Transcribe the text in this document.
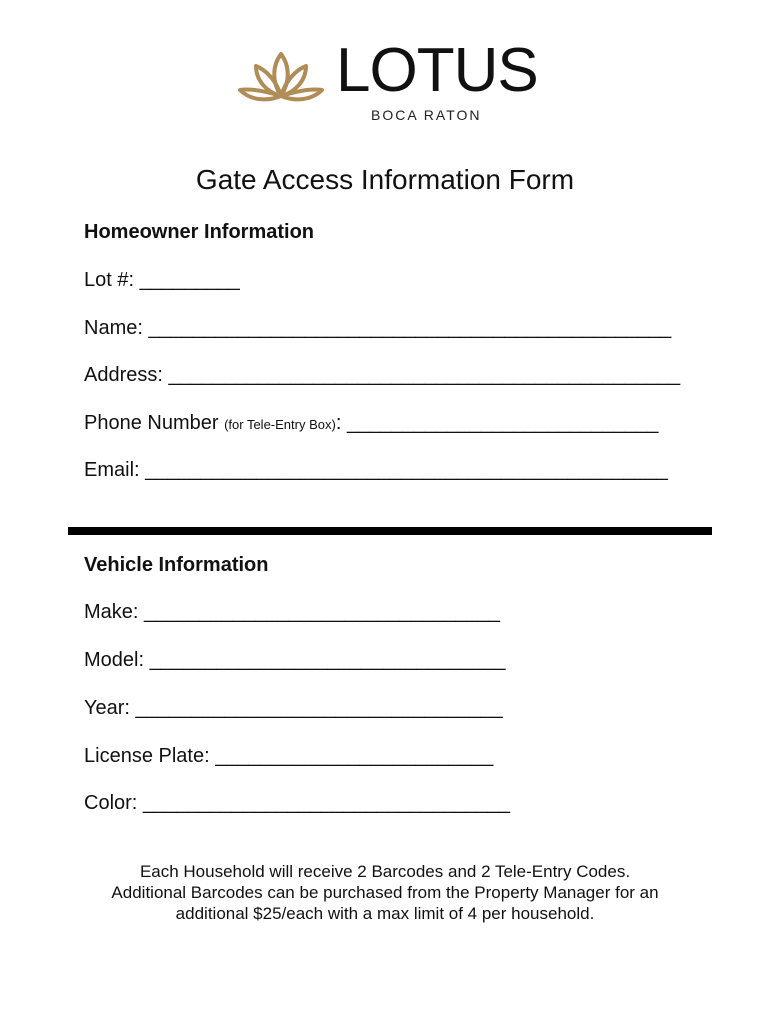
LOTUS
BOCA RATON
Gate Access Information Form
Homeowner Information
Lot #: _________
Name: _______________________________________________
Address: ______________________________________________
Phone Number (for Tele-Entry Box): ____________________________
Email: _______________________________________________
Vehicle Information
Make: ________________________________
Model: ________________________________
Year: _________________________________
License Plate: _________________________
Color: _________________________________
Each Household will receive 2 Barcodes and 2 Tele-Entry Codes.
Additional Barcodes can be purchased from the Property Manager for an
additional $25/each with a max limit of 4 per household.
